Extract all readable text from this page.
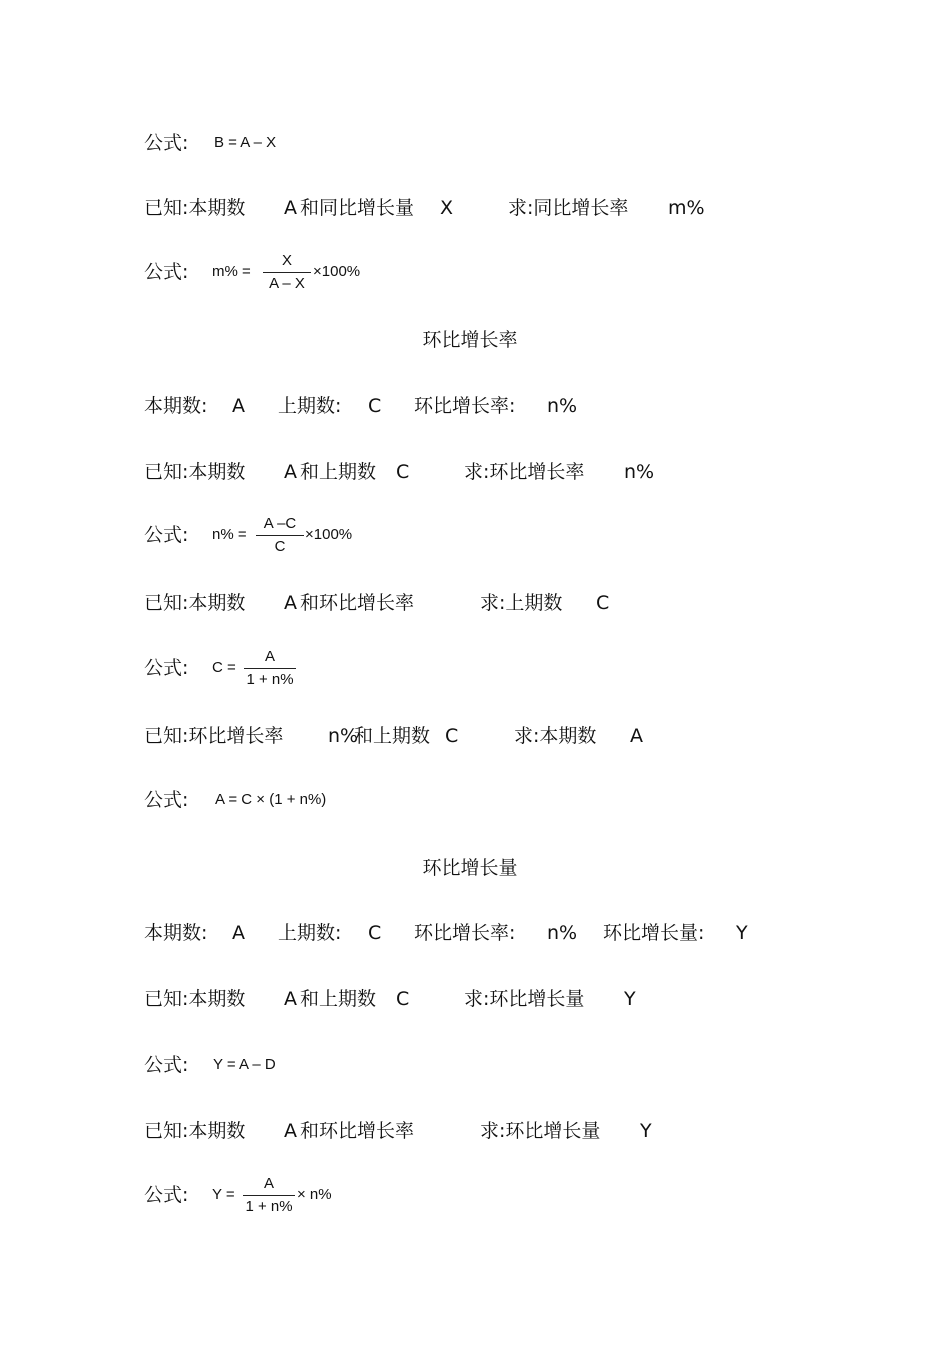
公式: B = A – X
已知:本期数 A 和同比增长量 X	求:同比增长率 m%
公式: m% =
X
A – X
×100%
环比增长率
本期数: A 上期数: C 环比增长率: n%
已知:本期数 A 和上期数 C	求:环比增长率 n%
公式: n% =
A –C
C
×100%
已知:本期数 A 和环比增长率	求:上期数 C
公式: C =
A
1 + n%
已知:环比增长率 n%
和上期数 C	求:本期数 A
公式: A = C × (1 + n%)
环比增长量
本期数: A 上期数: C 环比增长率: n% 环比增长量: Y
已知:本期数 A 和上期数 C	求:环比增长量 Y
公式: Y = A – D
已知:本期数 A 和环比增长率	求:环比增长量 Y
公式: Y =
A
1 + n%
× n%
